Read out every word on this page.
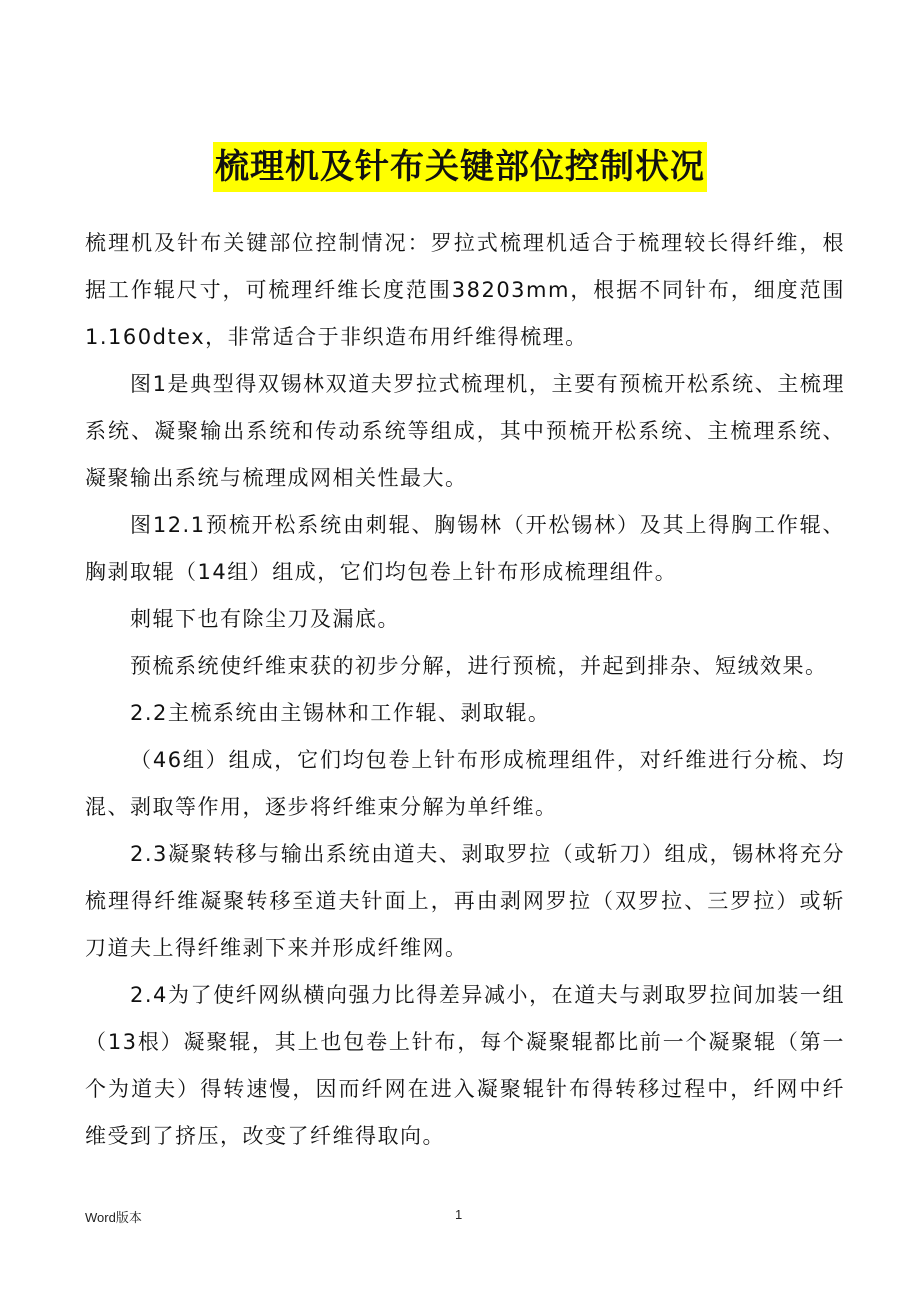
梳理机及针布关键部位控制状况

梳理机及针布关键部位控制情况：罗拉式梳理机适合于梳理较长得纤维，根据工作辊尺寸，可梳理纤维长度范围38203mm，根据不同针布，细度范围1.160dtex，非常适合于非织造布用纤维得梳理。

图1是典型得双锡林双道夫罗拉式梳理机，主要有预梳开松系统、主梳理系统、凝聚输出系统和传动系统等组成，其中预梳开松系统、主梳理系统、凝聚输出系统与梳理成网相关性最大。

图12.1预梳开松系统由刺辊、胸锡林（开松锡林）及其上得胸工作辊、胸剥取辊（14组）组成，它们均包卷上针布形成梳理组件。

刺辊下也有除尘刀及漏底。

预梳系统使纤维束获的初步分解，进行预梳，并起到排杂、短绒效果。

2.2主梳系统由主锡林和工作辊、剥取辊。

（46组）组成，它们均包卷上针布形成梳理组件，对纤维进行分梳、均混、剥取等作用，逐步将纤维束分解为单纤维。

2.3凝聚转移与输出系统由道夫、剥取罗拉（或斩刀）组成，锡林将充分梳理得纤维凝聚转移至道夫针面上，再由剥网罗拉（双罗拉、三罗拉）或斩刀道夫上得纤维剥下来并形成纤维网。

2.4为了使纤网纵横向强力比得差异减小，在道夫与剥取罗拉间加装一组（13根）凝聚辊，其上也包卷上针布，每个凝聚辊都比前一个凝聚辊（第一个为道夫）得转速慢，因而纤网在进入凝聚辊针布得转移过程中，纤网中纤维受到了挤压，改变了纤维得取向。

Word版本	1
